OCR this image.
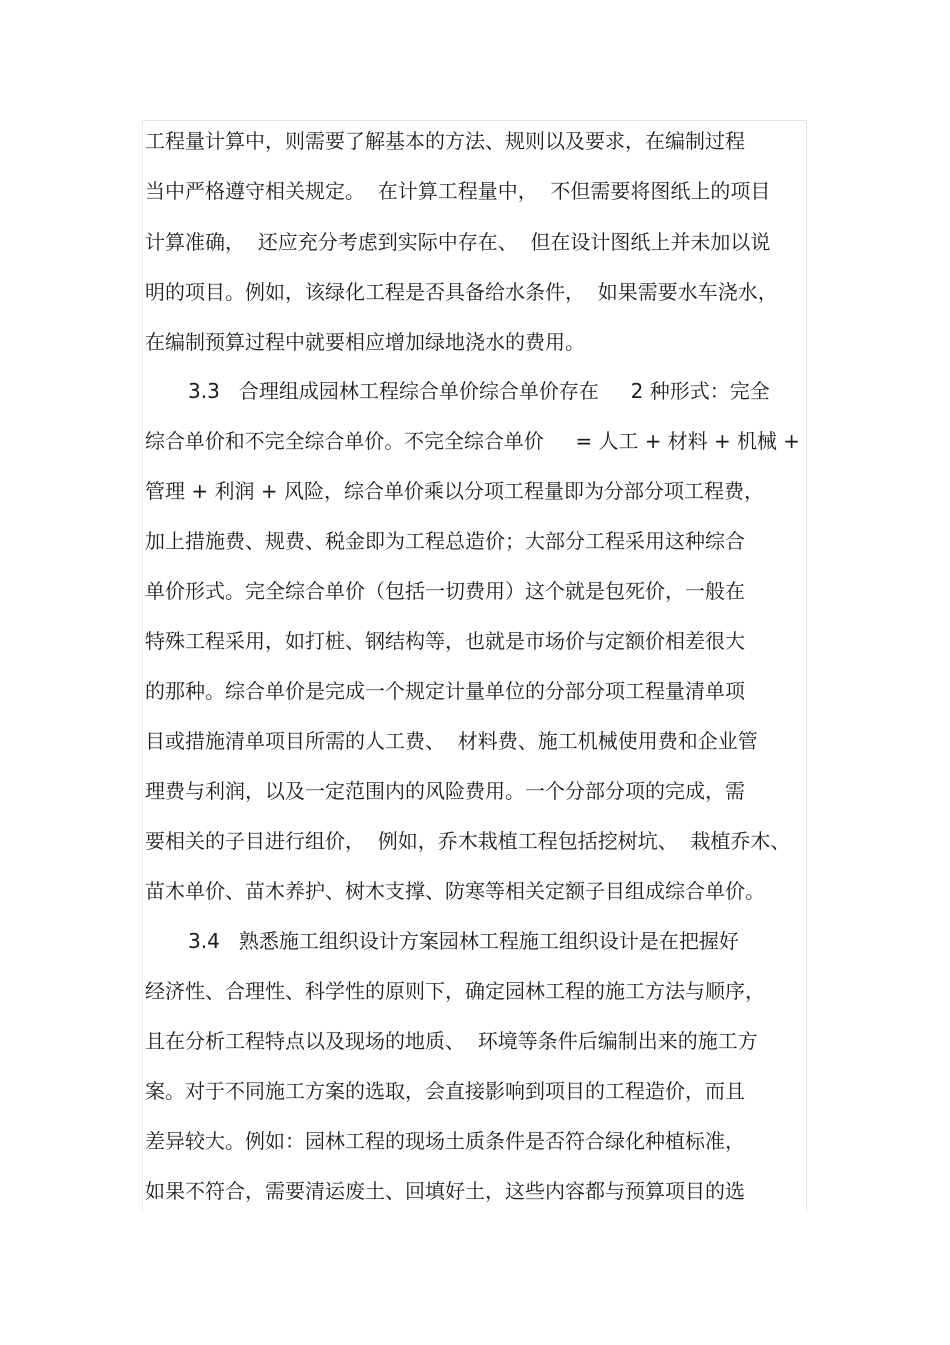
工程量计算中，则需要了解基本的方法、规则以及要求，在编制过程
当中严格遵守相关规定。  在计算工程量中，  不但需要将图纸上的项目
计算准确，  还应充分考虑到实际中存在、  但在设计图纸上并未加以说
明的项目。例如，该绿化工程是否具备给水条件，  如果需要水车浇水，
在编制预算过程中就要相应增加绿地浇水的费用。
3.3   合理组成园林工程综合单价综合单价存在     2 种形式：完全
综合单价和不完全综合单价。不完全综合单价     = 人工 + 材料 + 机械 +
管理 + 利润 + 风险，综合单价乘以分项工程量即为分部分项工程费，
加上措施费、规费、税金即为工程总造价；大部分工程采用这种综合
单价形式。完全综合单价（包括一切费用）这个就是包死价，一般在
特殊工程采用，如打桩、钢结构等，也就是市场价与定额价相差很大
的那种。综合单价是完成一个规定计量单位的分部分项工程量清单项
目或措施清单项目所需的人工费、  材料费、施工机械使用费和企业管
理费与利润，以及一定范围内的风险费用。一个分部分项的完成，需
要相关的子目进行组价，  例如，乔木栽植工程包括挖树坑、  栽植乔木、
苗木单价、苗木养护、树木支撑、防寒等相关定额子目组成综合单价。
3.4   熟悉施工组织设计方案园林工程施工组织设计是在把握好
经济性、合理性、科学性的原则下，确定园林工程的施工方法与顺序，
且在分析工程特点以及现场的地质、  环境等条件后编制出来的施工方
案。对于不同施工方案的选取，会直接影响到项目的工程造价，而且
差异较大。例如：园林工程的现场土质条件是否符合绿化种植标准，
如果不符合，需要清运废土、回填好土，这些内容都与预算项目的选
